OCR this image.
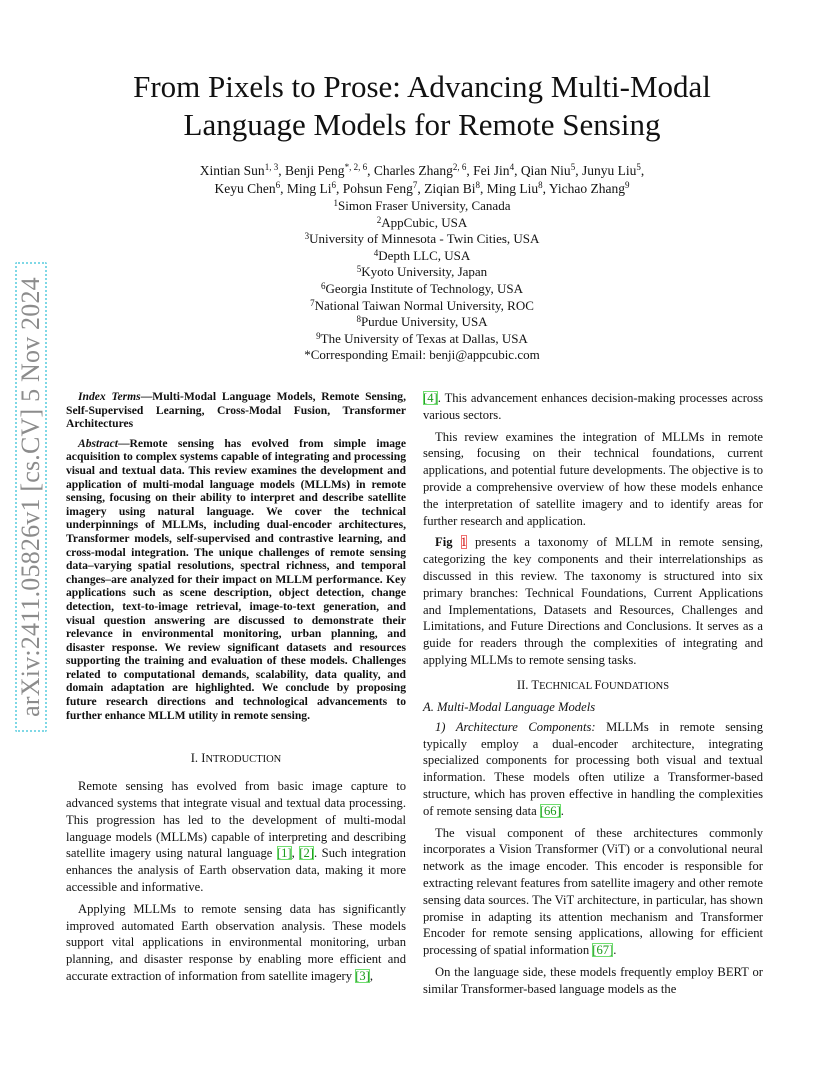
arXiv:2411.05826v1 [cs.CV] 5 Nov 2024
From Pixels to Prose: Advancing Multi-Modal
Language Models for Remote Sensing
Xintian Sun$^{1, 3}$, Benji Peng$^{*, 2, 6}$, Charles Zhang$^{2, 6}$, Fei Jin$^4$, Qian Niu$^5$, Junyu Liu$^5$,
Keyu Chen$^6$, Ming Li$^6$, Pohsun Feng$^7$, Ziqian Bi$^8$, Ming Liu$^8$, Yichao Zhang$^9$
$^1$Simon Fraser University, Canada
$^2$AppCubic, USA
$^3$University of Minnesota - Twin Cities, USA
$^4$Depth LLC, USA
$^5$Kyoto University, Japan
$^6$Georgia Institute of Technology, USA
$^7$National Taiwan Normal University, ROC
$^8$Purdue University, USA
$^9$The University of Texas at Dallas, USA
*Corresponding Email: benji@appcubic.com

Index Terms—Multi-Modal Language Models, Remote Sensing, Self-Supervised Learning, Cross-Modal Fusion, Transformer Architectures

Abstract—Remote sensing has evolved from simple image acquisition to complex systems capable of integrating and processing visual and textual data. This review examines the development and application of multi-modal language models (MLLMs) in remote sensing, focusing on their ability to interpret and describe satellite imagery using natural language. We cover the technical underpinnings of MLLMs, including dual-encoder architectures, Transformer models, self-supervised and contrastive learning, and cross-modal integration. The unique challenges of remote sensing data–varying spatial resolutions, spectral richness, and temporal changes–are analyzed for their impact on MLLM performance. Key applications such as scene description, object detection, change detection, text-to-image retrieval, image-to-text generation, and visual question answering are discussed to demonstrate their relevance in environmental monitoring, urban planning, and disaster response. We review significant datasets and resources supporting the training and evaluation of these models. Challenges related to computational demands, scalability, data quality, and domain adaptation are highlighted. We conclude by proposing future research directions and technological advancements to further enhance MLLM utility in remote sensing.

I. INTRODUCTION

Remote sensing has evolved from basic image capture to advanced systems that integrate visual and textual data processing. This progression has led to the development of multi-modal language models (MLLMs) capable of interpreting and describing satellite imagery using natural language [1], [2]. Such integration enhances the analysis of Earth observation data, making it more accessible and informative.

Applying MLLMs to remote sensing data has significantly improved automated Earth observation analysis. These models support vital applications in environmental monitoring, urban planning, and disaster response by enabling more efficient and accurate extraction of information from satellite imagery [3],

[4]. This advancement enhances decision-making processes across various sectors.

This review examines the integration of MLLMs in remote sensing, focusing on their technical foundations, current applications, and potential future developments. The objective is to provide a comprehensive overview of how these models enhance the interpretation of satellite imagery and to identify areas for further research and application.

Fig 1 presents a taxonomy of MLLM in remote sensing, categorizing the key components and their interrelationships as discussed in this review. The taxonomy is structured into six primary branches: Technical Foundations, Current Applications and Implementations, Datasets and Resources, Challenges and Limitations, and Future Directions and Conclusions. It serves as a guide for readers through the complexities of integrating and applying MLLMs to remote sensing tasks.

II. TECHNICAL FOUNDATIONS

A. Multi-Modal Language Models

1) Architecture Components: MLLMs in remote sensing typically employ a dual-encoder architecture, integrating specialized components for processing both visual and textual information. These models often utilize a Transformer-based structure, which has proven effective in handling the complexities of remote sensing data [66].

The visual component of these architectures commonly incorporates a Vision Transformer (ViT) or a convolutional neural network as the image encoder. This encoder is responsible for extracting relevant features from satellite imagery and other remote sensing data sources. The ViT architecture, in particular, has shown promise in adapting its attention mechanism and Transformer Encoder for remote sensing applications, allowing for efficient processing of spatial information [67].

On the language side, these models frequently employ BERT or similar Transformer-based language models as the
